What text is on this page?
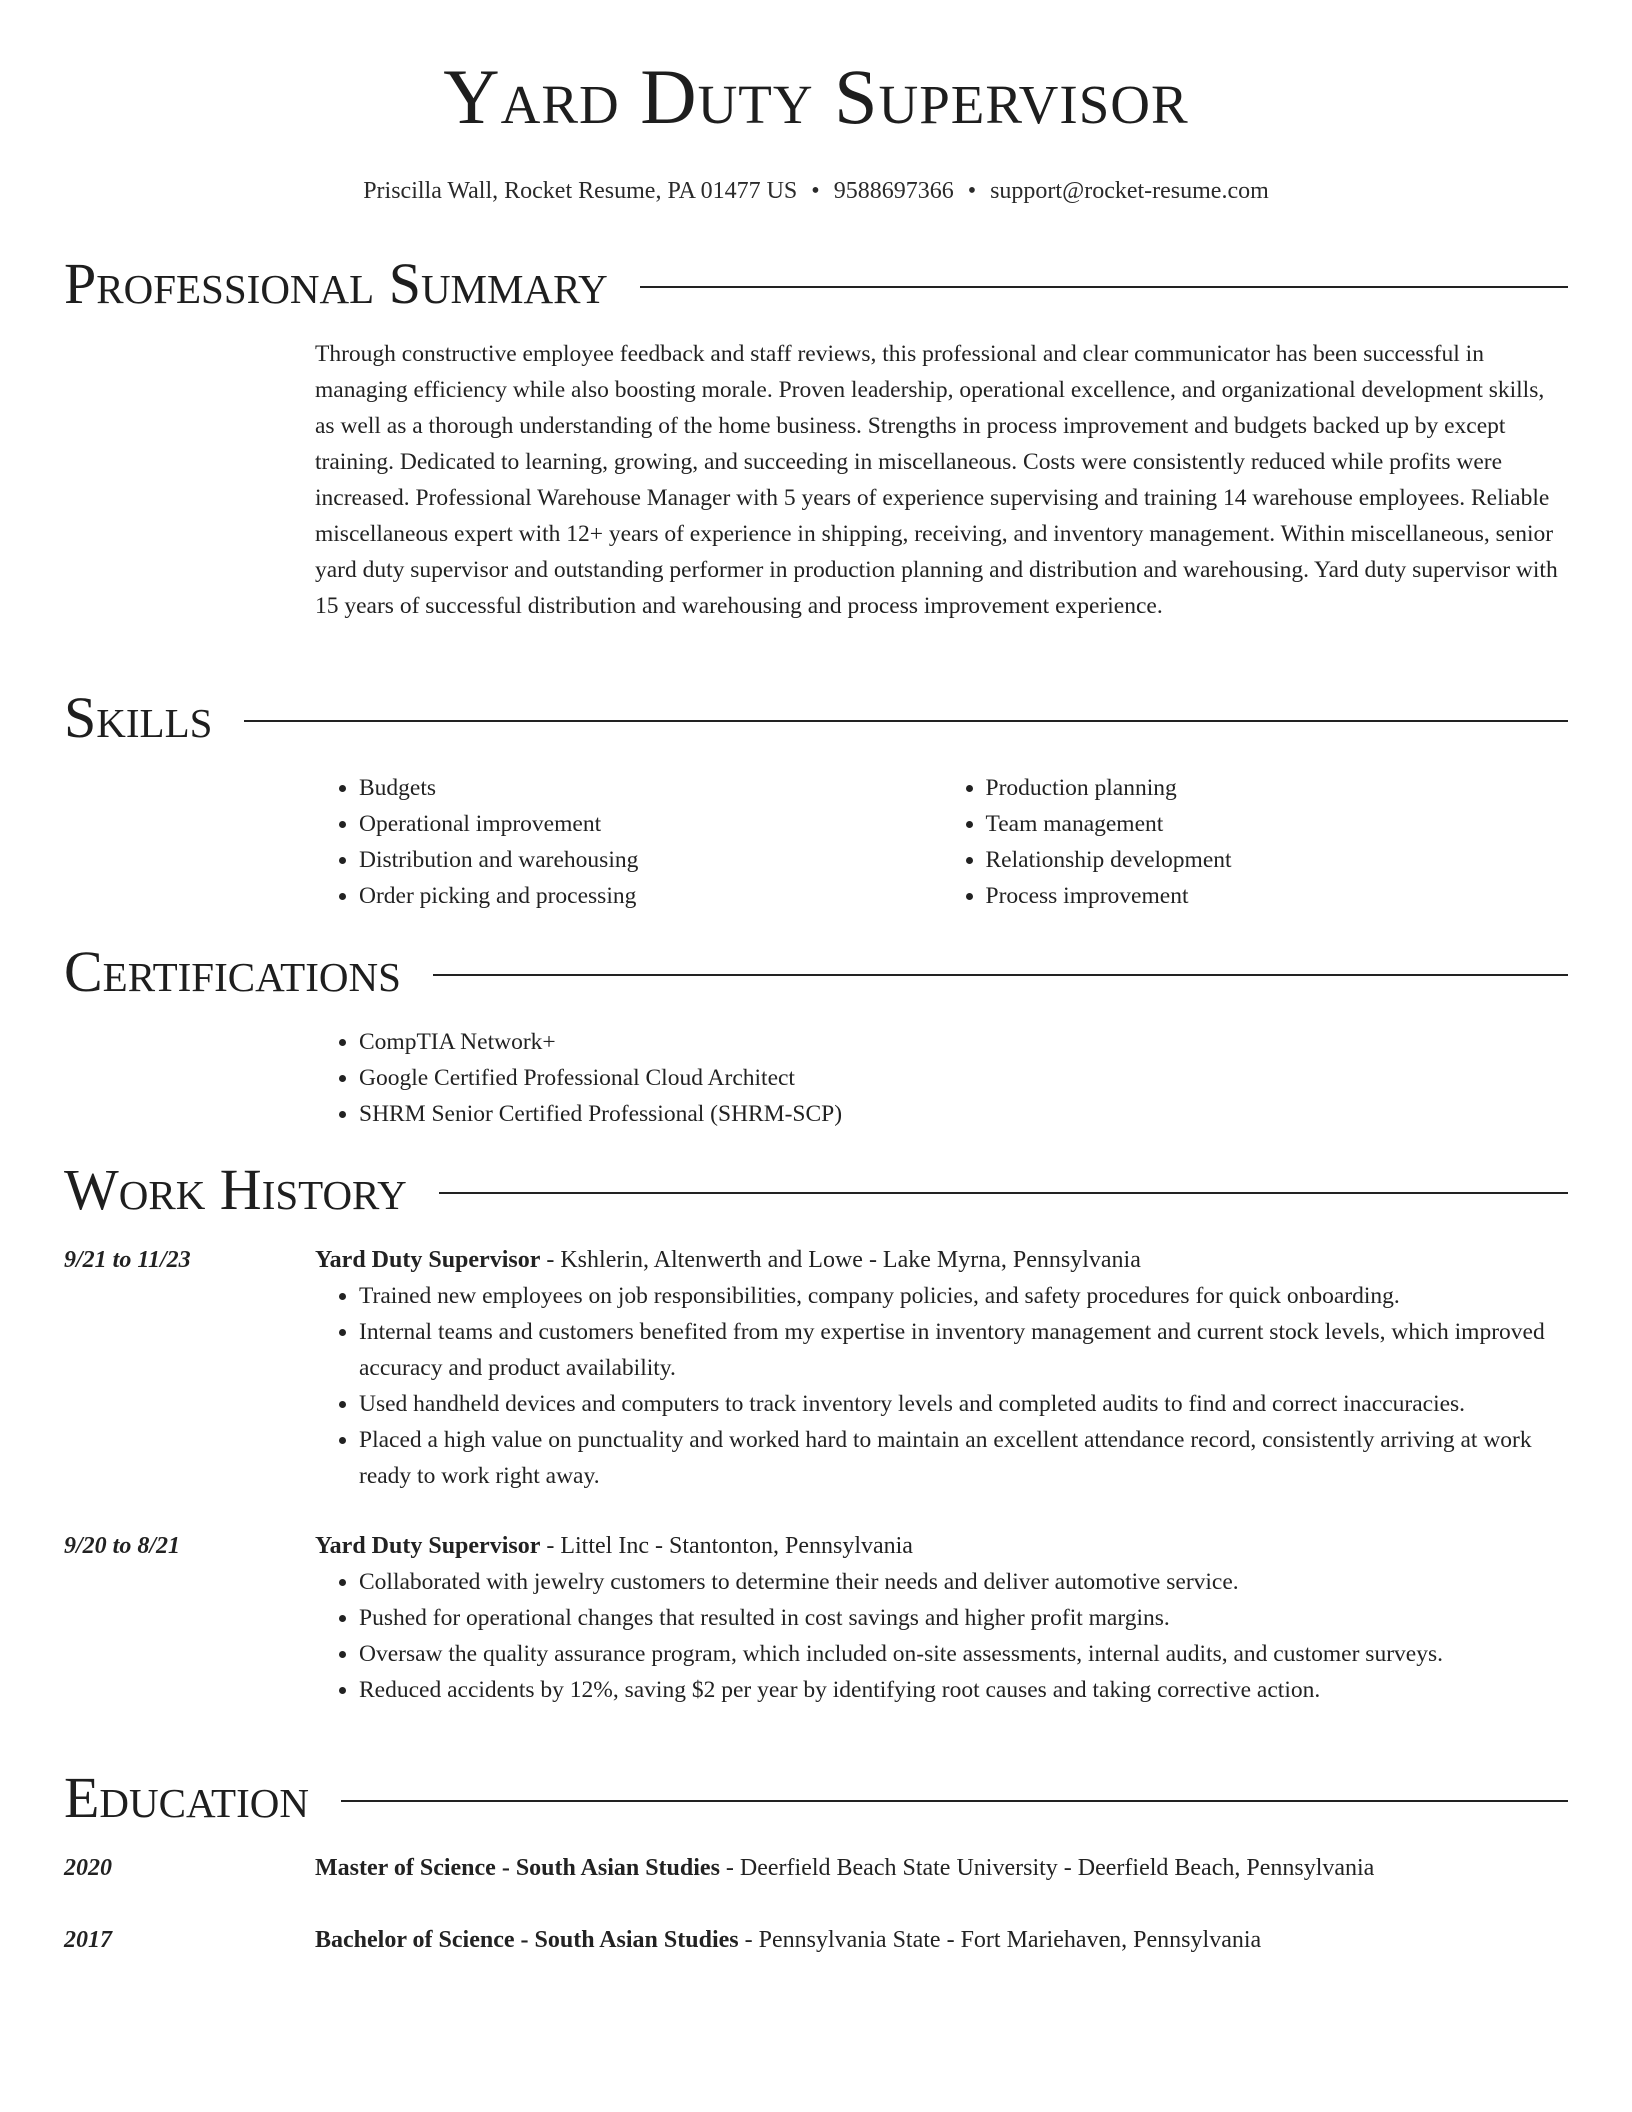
Yard Duty Supervisor
Priscilla Wall, Rocket Resume, PA 01477 US • 9588697366 • support@rocket-resume.com
Professional Summary

Through constructive employee feedback and staff reviews, this professional and clear communicator has been successful in managing efficiency while also boosting morale. Proven leadership, operational excellence, and organizational development skills, as well as a thorough understanding of the home business. Strengths in process improvement and budgets backed up by except training. Dedicated to learning, growing, and succeeding in miscellaneous. Costs were consistently reduced while profits were increased. Professional Warehouse Manager with 5 years of experience supervising and training 14 warehouse employees. Reliable miscellaneous expert with 12+ years of experience in shipping, receiving, and inventory management. Within miscellaneous, senior yard duty supervisor and outstanding performer in production planning and distribution and warehousing. Yard duty supervisor with 15 years of successful distribution and warehousing and process improvement experience.

Skills
• Budgets
• Operational improvement
• Distribution and warehousing
• Order picking and processing
• Production planning
• Team management
• Relationship development
• Process improvement
Certifications
• CompTIA Network+
• Google Certified Professional Cloud Architect
• SHRM Senior Certified Professional (SHRM-SCP)
Work History
9/21 to 11/23	Yard Duty Supervisor - Kshlerin, Altenwerth and Lowe - Lake Myrna, Pennsylvania
• Trained new employees on job responsibilities, company policies, and safety procedures for quick onboarding.
• Internal teams and customers benefited from my expertise in inventory management and current stock levels, which improved accuracy and product availability.
• Used handheld devices and computers to track inventory levels and completed audits to find and correct inaccuracies.
• Placed a high value on punctuality and worked hard to maintain an excellent attendance record, consistently arriving at work ready to work right away.
9/20 to 8/21	Yard Duty Supervisor - Littel Inc - Stantonton, Pennsylvania
• Collaborated with jewelry customers to determine their needs and deliver automotive service.
• Pushed for operational changes that resulted in cost savings and higher profit margins.
• Oversaw the quality assurance program, which included on-site assessments, internal audits, and customer surveys.
• Reduced accidents by 12%, saving $2 per year by identifying root causes and taking corrective action.
Education
2020	Master of Science - South Asian Studies - Deerfield Beach State University - Deerfield Beach, Pennsylvania
2017	Bachelor of Science - South Asian Studies - Pennsylvania State - Fort Mariehaven, Pennsylvania
